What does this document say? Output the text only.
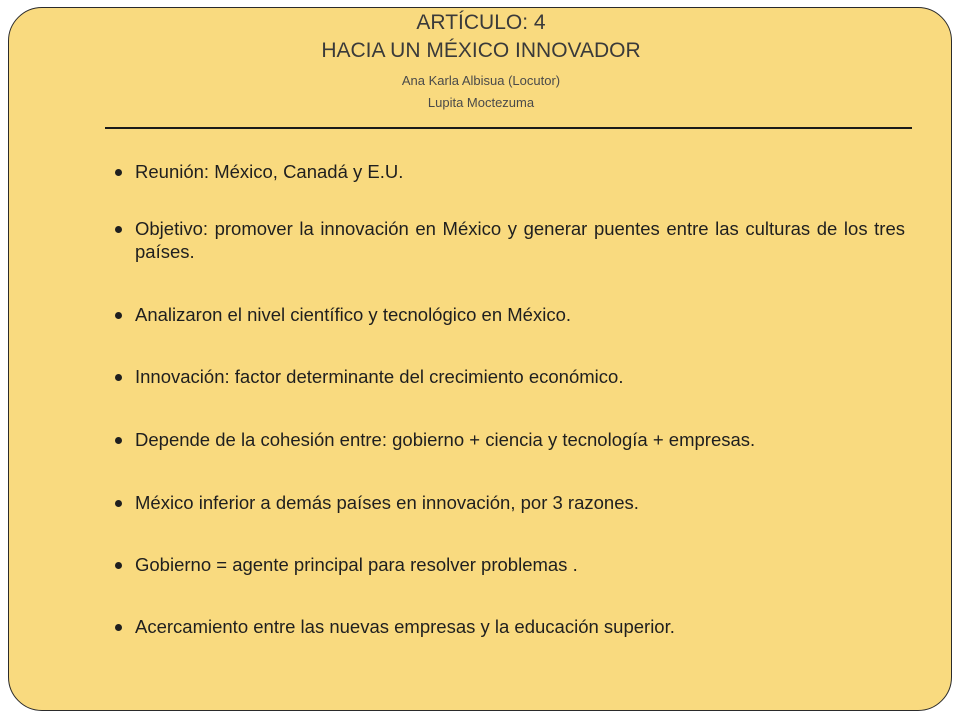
ARTÍCULO: 4
HACIA UN MÉXICO INNOVADOR
Ana Karla Albisua (Locutor)
Lupita Moctezuma
Reunión: México, Canadá y E.U.
Objetivo: promover la innovación en México y generar puentes entre las culturas de los tres países.
Analizaron el nivel científico y tecnológico en México.
Innovación: factor determinante del crecimiento económico.
Depende de la cohesión entre: gobierno + ciencia y tecnología + empresas.
México inferior a demás países en innovación, por 3 razones.
Gobierno = agente principal para resolver problemas .
Acercamiento entre las nuevas empresas y la educación superior.
